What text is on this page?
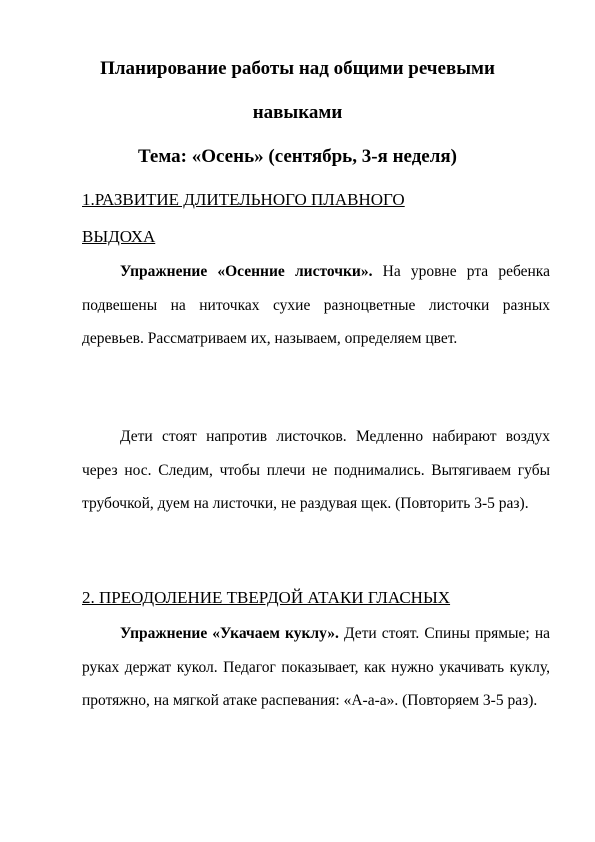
Планирование работы над общими речевыми
навыками
Тема: «Осень» (сентябрь, 3-я неделя)
1.РАЗВИТИЕ ДЛИТЕЛЬНОГО ПЛАВНОГО
ВЫДОХА
Упражнение «Осенние листочки». На уровне рта ребенка подвешены на ниточках сухие разноцветные листочки разных деревьев. Рассматриваем их, называем, определяем цвет.
Дети стоят напротив листочков. Медленно набирают воздух через нос. Следим, чтобы плечи не поднимались. Вытягиваем губы трубочкой, дуем на листочки, не раздувая щек. (Повторить 3-5 раз).
2. ПРЕОДОЛЕНИЕ ТВЕРДОЙ АТАКИ ГЛАСНЫХ
Упражнение «Укачаем куклу». Дети стоят. Спины прямые; на руках держат кукол. Педагог показывает, как нужно укачивать куклу, протяжно, на мягкой атаке распевания: «А-а-а». (Повторяем 3-5 раз).
